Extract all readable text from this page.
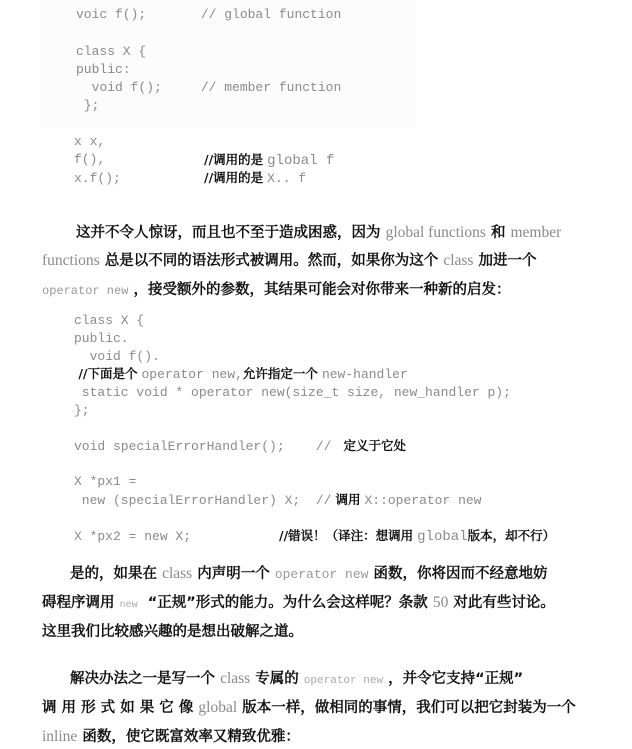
voic f();       // global function
class X {
public:
void f();     // member function
};
x x,
f(),	//调用的是 global f
x.f();	//调用的是 X.. f
这并不令人惊讶，而且也不至于造成困惑，因为 global functions 和 member
functions 总是以不同的语法形式被调用。然而，如果你为这个 class 加进一个
operator new ，接受额外的参数，其结果可能会对你带来一种新的启发：
class X {
public.
void f().
//下面是个 operator new,允许指定一个 new-handler
static void * operator new(size_t size, new_handler p);
};
void specialErrorHandler();    // 定义于它处
X *px1 =
new (specialErrorHandler) X;  // 调用 X::operator new
X *px2 = new X;	//错误！（译注：想调用 global版本，却不行）
是的，如果在 class 内声明一个 operator new 函数，你将因而不经意地妨
碍程序调用 new “正规”形式的能力。为什么会这样呢？条款 50 对此有些讨论。
这里我们比较感兴趣的是想出破解之道。
解决办法之一是写一个 class 专属的 operator new ，并令它支持“正规”
调 用 形 式 如 果 它 像 global 版本一样，做相同的事情，我们可以把它封装为一个
inline 函数，使它既富效率又精致优雅：
